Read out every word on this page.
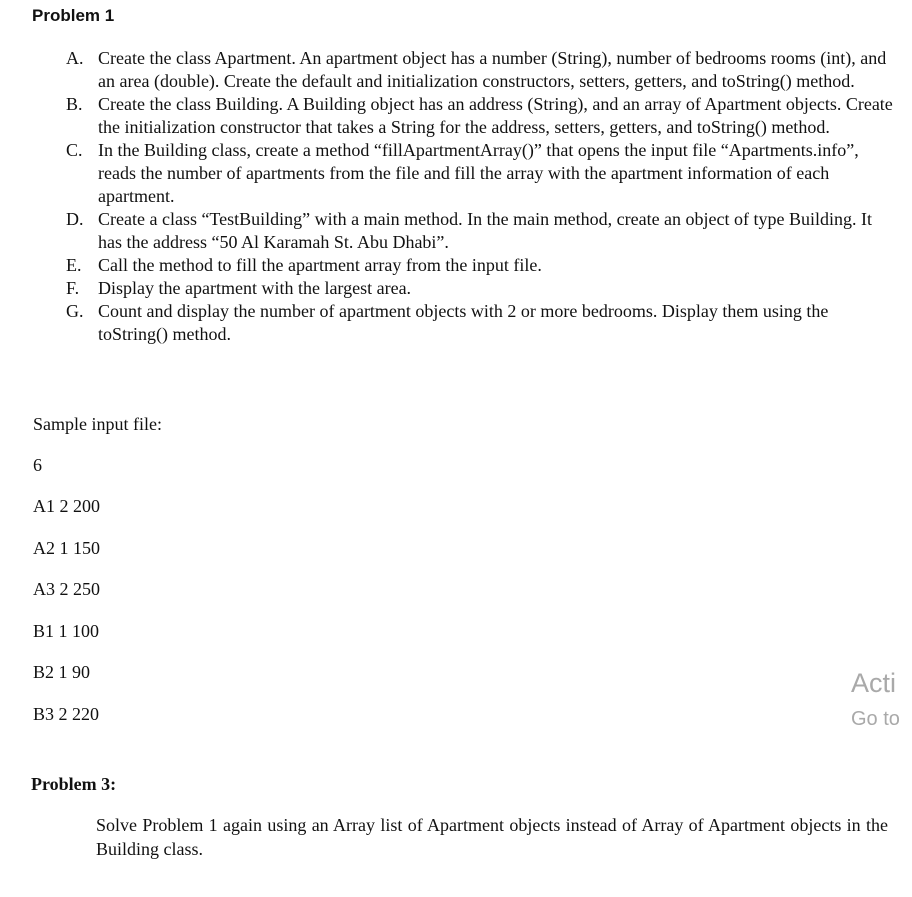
Problem 1
A. Create the class Apartment. An apartment object has a number (String), number of bedrooms rooms (int), and an area (double). Create the default and initialization constructors, setters, getters, and toString() method.
B. Create the class Building. A Building object has an address (String), and an array of Apartment objects. Create the initialization constructor that takes a String for the address, setters, getters, and toString() method.
C. In the Building class, create a method “fillApartmentArray()” that opens the input file “Apartments.info”, reads the number of apartments from the file and fill the array with the apartment information of each apartment.
D. Create a class “TestBuilding” with a main method. In the main method, create an object of type Building. It has the address “50 Al Karamah St. Abu Dhabi”.
E. Call the method to fill the apartment array from the input file.
F.	Display the apartment with the largest area.
G. Count and display the number of apartment objects with 2 or more bedrooms. Display them using the toString() method.

Sample input file:

6

A1 2 200

A2 1 150

A3 2 250

B1 1 100

B2 1 90

B3 2 220

Acti

Go to

Problem 3:

Solve Problem 1 again using an Array list of Apartment objects instead of Array of Apartment objects in the Building class.
